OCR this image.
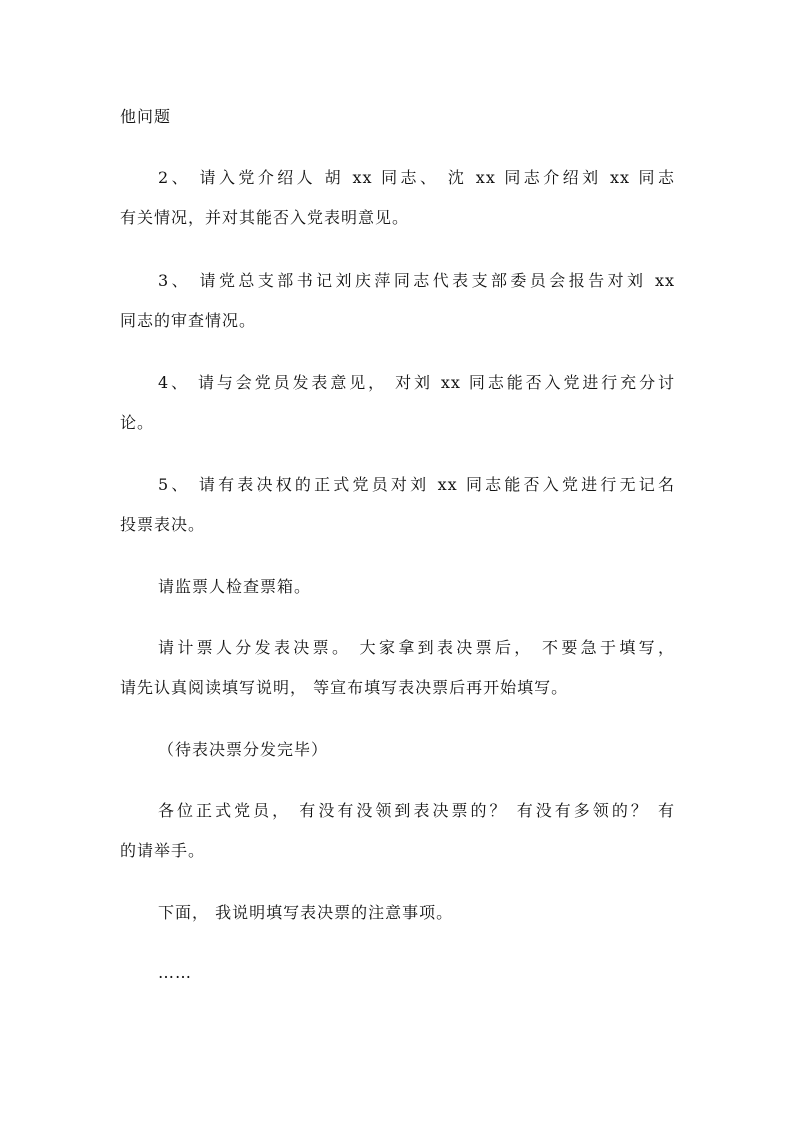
他问题
2、 请入党介绍人 胡 xx 同志、 沈 xx 同志介绍刘 xx 同志
有关情况，并对其能否入党表明意见。
3、 请党总支部书记刘庆萍同志代表支部委员会报告对刘 xx
同志的审查情况。
4、 请与会党员发表意见， 对刘 xx 同志能否入党进行充分讨
论。
5、 请有表决权的正式党员对刘 xx 同志能否入党进行无记名
投票表决。
请监票人检查票箱。
请计票人分发表决票。 大家拿到表决票后， 不要急于填写，
请先认真阅读填写说明， 等宣布填写表决票后再开始填写。
（待表决票分发完毕）
各位正式党员， 有没有没领到表决票的？ 有没有多领的？ 有
的请举手。
下面， 我说明填写表决票的注意事项。
……
